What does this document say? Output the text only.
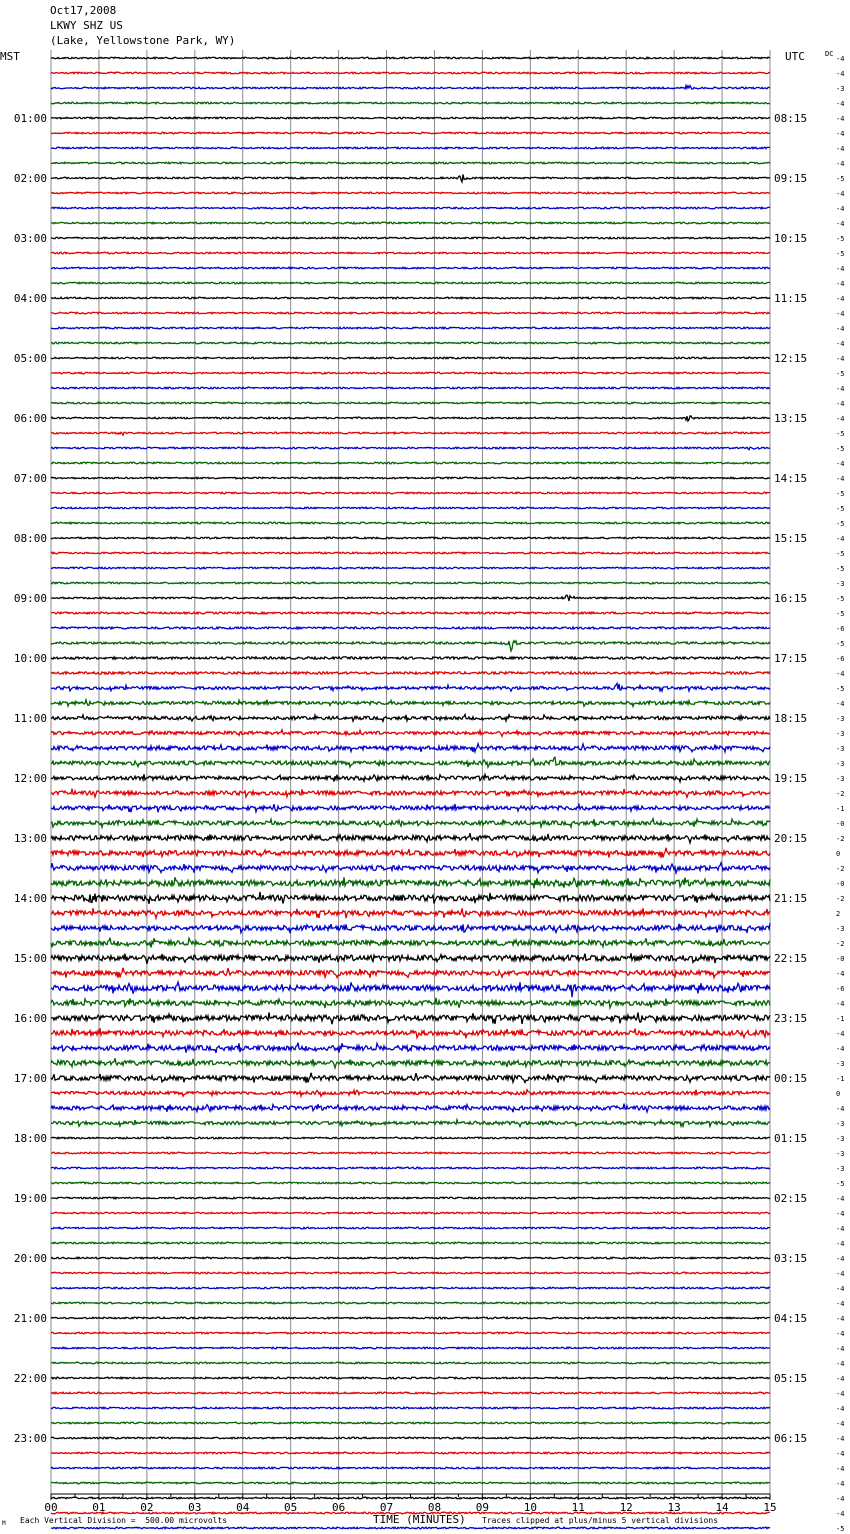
Oct17,2008
LKWY SHZ US
(Lake, Yellowstone Park, WY)
MST	UTC	DC
00	01	02	03	04	05	06	07	08	09	10	11	12	13	14	15
-4
-4
-3
-4
-4
-4
-4
-4
-5
-4
-4
-4
-5
-5
-4
-4
-4
-4
-4
-4
-4
-5
-4
-4
-4
-5
-5
-4
-4
-5
-5
-5
-4
-5
-5
-3
-5
-5
-6
-5
-6
-4
-5
-4
-3
-3
-3
-3
-3
-2
-1
-0
-2
0
-2
-0
-2
2
-3
-2
-0
-4
-6
-4
-1
-4
-4
-3
-1
0
-4
-3
-3
-3
-3
-5
-4
-4
-4
-4
-4
-4
-4
-4
-4
-4
-4
-4
-4
-4
-4
-4
-4
-4
-4
-4
-4
-4
-5
01:00
02:00
03:00
04:00
05:00
06:00
07:00
08:00
09:00
10:00
11:00
12:00
13:00
14:00
15:00
16:00
17:00
18:00
19:00
20:00
21:00
22:00
23:00
08:15
09:15
10:15
11:15
12:15
13:15
14:15
15:15
16:15
17:15
18:15
19:15
20:15
21:15
22:15
23:15
00:15
01:15
02:15
03:15
04:15
05:15
06:15
M Each Vertical Division =  500.00 microvolts	TIME (MINUTES) Traces clipped at plus/minus 5 vertical divisions
